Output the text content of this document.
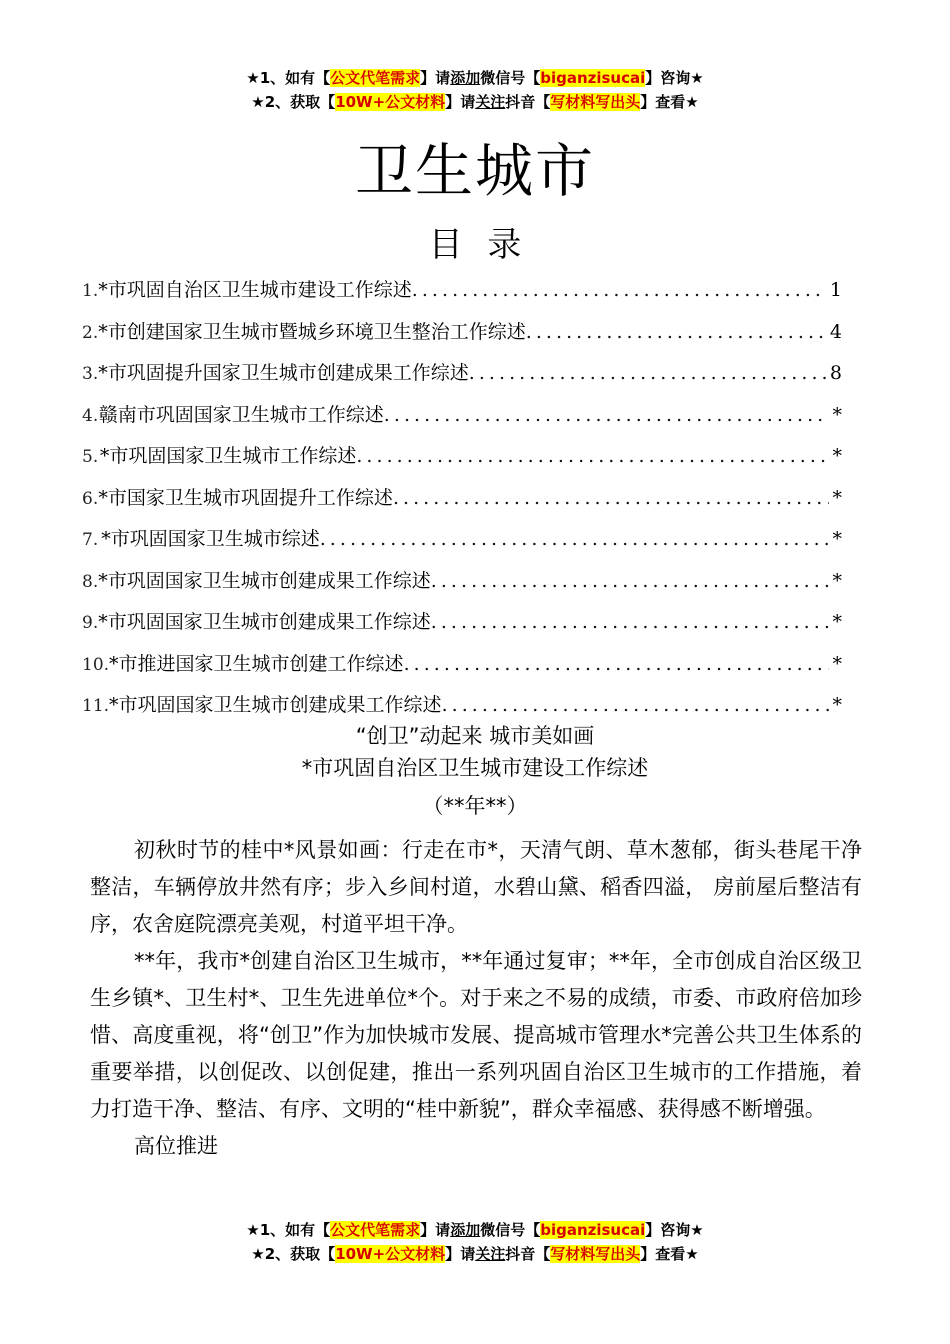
★1、如有【公文代笔需求】请添加微信号【biganzisucai】咨询★
★2、获取【10W+公文材料】请关注抖音【写材料写出头】查看★
卫生城市
目 录
1. *市巩固自治区卫生城市建设工作综述 . . .	1
2. *市创建国家卫生城市暨城乡环境卫生整治工作综述 . . .	4
3. *市巩固提升国家卫生城市创建成果工作综述 . . .	8
4. 赣南市巩固国家卫生城市工作综述 . . .	*
5. *市巩固国家卫生城市工作综述 . . .	*
6. *市国家卫生城市巩固提升工作综述 . . .	*
7. *市巩固国家卫生城市综述 . . .	*
8. *市巩固国家卫生城市创建成果工作综述 . . .	*
9. *市巩固国家卫生城市创建成果工作综述 . . .	*
10. *市推进国家卫生城市创建工作综述 . . .	*
11. *市巩固国家卫生城市创建成果工作综述 . . .	*
“创卫”动起来 城市美如画
*市巩固自治区卫生城市建设工作综述
（**年**）

初秋时节的桂中*风景如画：行走在市*，天清气朗、草木葱郁，街头巷尾干净整洁，车辆停放井然有序；步入乡间村道，水碧山黛、稻香四溢， 房前屋后整洁有序，农舍庭院漂亮美观，村道平坦干净。

**年，我市*创建自治区卫生城市，**年通过复审；**年，全市创成自治区级卫生乡镇*、卫生村*、卫生先进单位*个。对于来之不易的成绩，市委、市政府倍加珍惜、高度重视，将“创卫”作为加快城市发展、提高城市管理水*完善公共卫生体系的重要举措，以创促改、以创促建，推出一系列巩固自治区卫生城市的工作措施，着力打造干净、整洁、有序、文明的“桂中新貌”，群众幸福感、获得感不断增强。

高位推进

★1、如有【公文代笔需求】请添加微信号【biganzisucai】咨询★
★2、获取【10W+公文材料】请关注抖音【写材料写出头】查看★
